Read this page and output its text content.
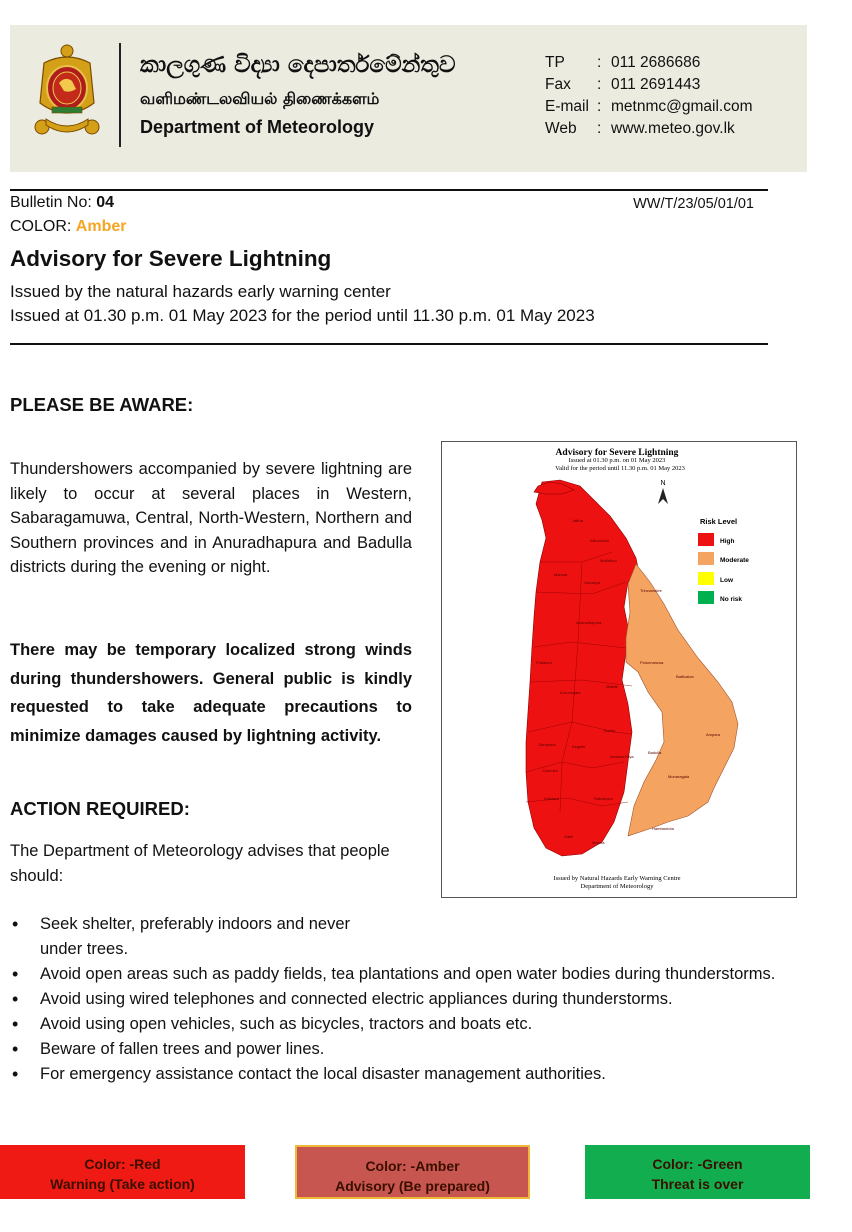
කාලගුණ විද්‍යා දෙපාර්තමේන්තුව
வளிமண்டலவியல் திணைக்களம்
Department of Meteorology
TP	: 011 2686686
Fax	: 011 2691443
E-mail : metnmc@gmail.com
Web	: www.meteo.gov.lk
Bulletin No: 04	WW/T/23/05/01/01
COLOR: Amber
Advisory for Severe Lightning
Issued by the natural hazards early warning center
Issued at 01.30 p.m. 01 May 2023 for the period until 11.30 p.m. 01 May 2023
PLEASE BE AWARE:
Thundershowers accompanied by severe lightning are likely to occur at several places in Western, Sabaragamuwa, Central, North-Western, Northern and Southern provinces and in Anuradhapura and Badulla districts during the evening or night.
There may be temporary localized strong winds during thundershowers. General public is kindly requested to take adequate precautions to minimize damages caused by lightning activity.
ACTION REQUIRED:
The Department of Meteorology advises that people should:
Advisory for Severe Lightning
Issued at 01.30 p.m. on 01 May 2023
Valid for the period until 11.30 p.m. 01 May 2023
N
Jaffna
Kilinochchi
Mullaitivu
Mannar
Vavuniya
Trincomalee
Anuradhapura
Polonnaruwa
Batticaloa
Puttalam
Kurunegala
Matale
Ampara
Gampaha
Kandy
Badulla
Nuwara Eliya
Colombo
Kegalle
Monaragala
Kalutara	Ratnapura
Galle
Hambantota
Matara
Risk Level
High
Moderate
Low
No risk
Issued by Natural Hazards Early Warning Centre
Department of Meteorology
• Seek shelter, preferably indoors and never under trees.
• Avoid open areas such as paddy fields, tea plantations and open water bodies during thunderstorms.
• Avoid using wired telephones and connected electric appliances during thunderstorms.
• Avoid using open vehicles, such as bicycles, tractors and boats etc.
• Beware of fallen trees and power lines.
• For emergency assistance contact the local disaster management authorities.
Color: -Red
Warning (Take action)
Color: -Amber
Advisory (Be prepared)
Color: -Green
Threat is over
